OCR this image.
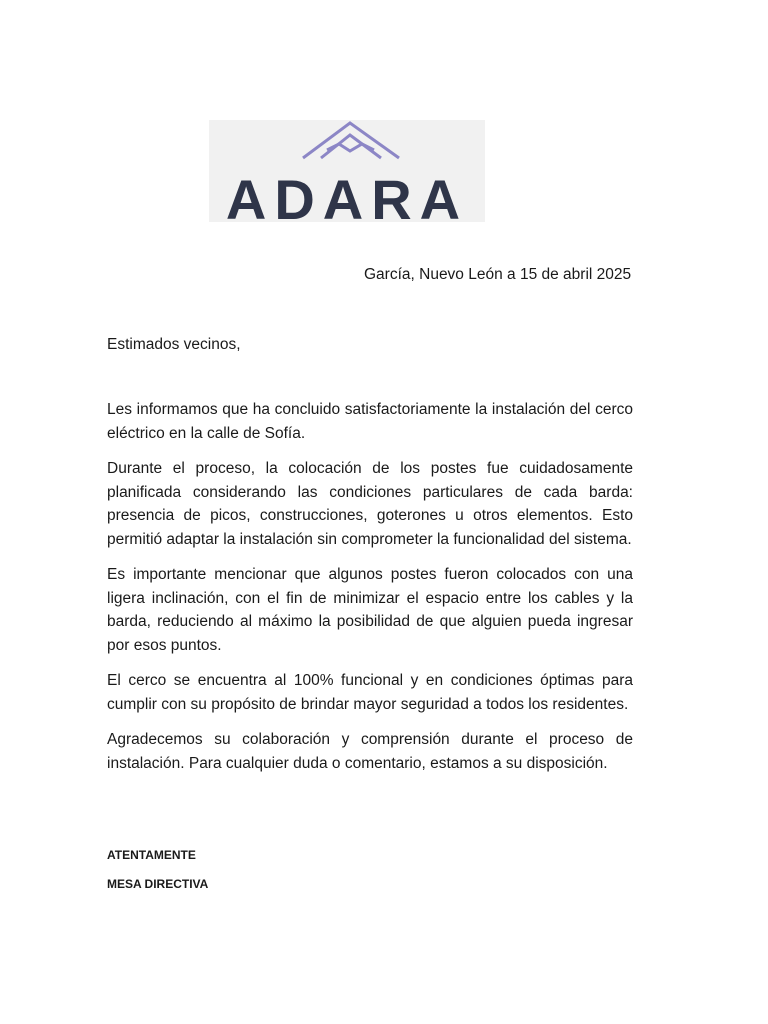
ADARA
García, Nuevo León a 15 de abril 2025
Estimados vecinos,

Les informamos que ha concluido satisfactoriamente la instalación del cerco eléctrico en la calle de Sofía.

Durante el proceso, la colocación de los postes fue cuidadosamente planificada considerando las condiciones particulares de cada barda: presencia de picos, construcciones, goterones u otros elementos. Esto permitió adaptar la instalación sin comprometer la funcionalidad del sistema.

Es importante mencionar que algunos postes fueron colocados con una ligera inclinación, con el fin de minimizar el espacio entre los cables y la barda, reduciendo al máximo la posibilidad de que alguien pueda ingresar por esos puntos.

El cerco se encuentra al 100% funcional y en condiciones óptimas para cumplir con su propósito de brindar mayor seguridad a todos los residentes.

Agradecemos su colaboración y comprensión durante el proceso de instalación. Para cualquier duda o comentario, estamos a su disposición.

ATENTAMENTE
MESA DIRECTIVA
